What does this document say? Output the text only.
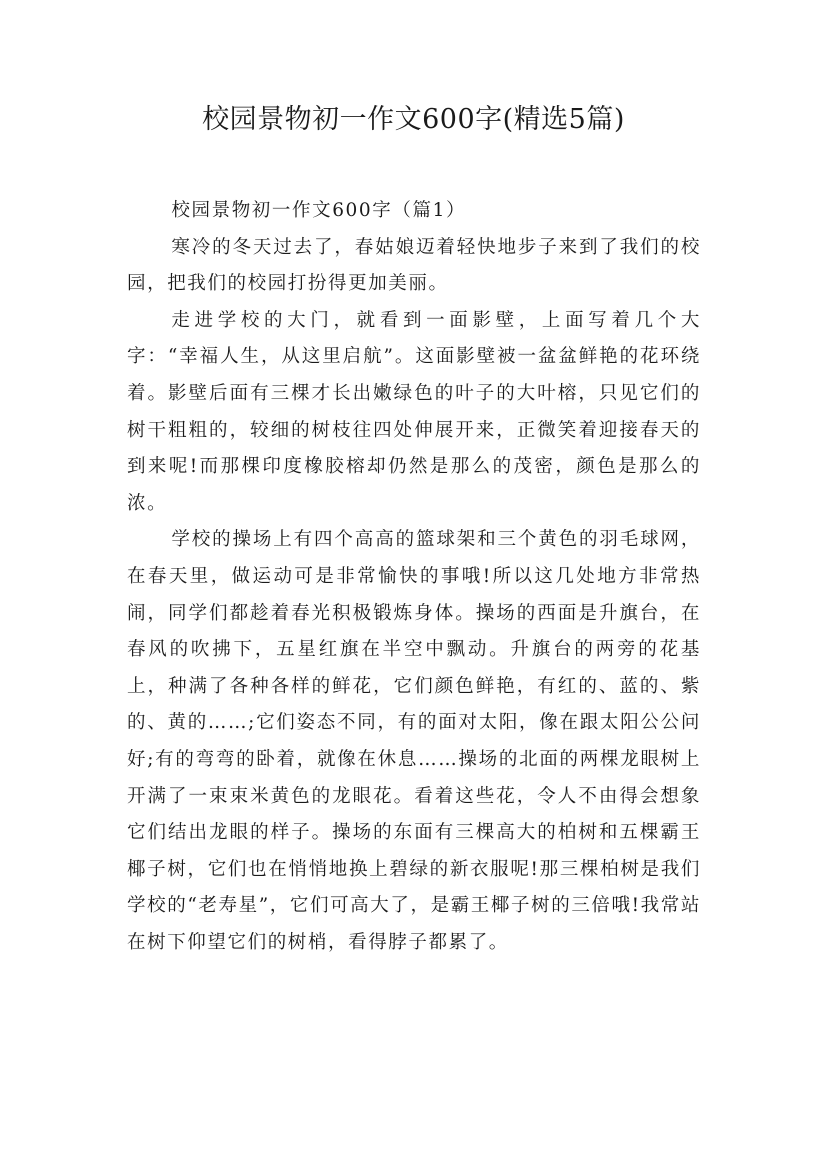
校园景物初一作文600字(精选5篇)

校园景物初一作文600字（篇1）

寒冷的冬天过去了，春姑娘迈着轻快地步子来到了我们的校园，把我们的校园打扮得更加美丽。

走进学校的大门，就看到一面影壁，上面写着几个大字：“幸福人生，从这里启航”。这面影壁被一盆盆鲜艳的花环绕着。影壁后面有三棵才长出嫩绿色的叶子的大叶榕，只见它们的树干粗粗的，较细的树枝往四处伸展开来，正微笑着迎接春天的到来呢!而那棵印度橡胶榕却仍然是那么的茂密，颜色是那么的浓。

学校的操场上有四个高高的篮球架和三个黄色的羽毛球网，在春天里，做运动可是非常愉快的事哦!所以这几处地方非常热闹，同学们都趁着春光积极锻炼身体。操场的西面是升旗台，在春风的吹拂下，五星红旗在半空中飘动。升旗台的两旁的花基上，种满了各种各样的鲜花，它们颜色鲜艳，有红的、蓝的、紫的、黄的……;它们姿态不同，有的面对太阳，像在跟太阳公公问好;有的弯弯的卧着，就像在休息……操场的北面的两棵龙眼树上开满了一束束米黄色的龙眼花。看着这些花，令人不由得会想象它们结出龙眼的样子。操场的东面有三棵高大的柏树和五棵霸王椰子树，它们也在悄悄地换上碧绿的新衣服呢!那三棵柏树是我们学校的“老寿星”，它们可高大了，是霸王椰子树的三倍哦!我常站在树下仰望它们的树梢，看得脖子都累了。
